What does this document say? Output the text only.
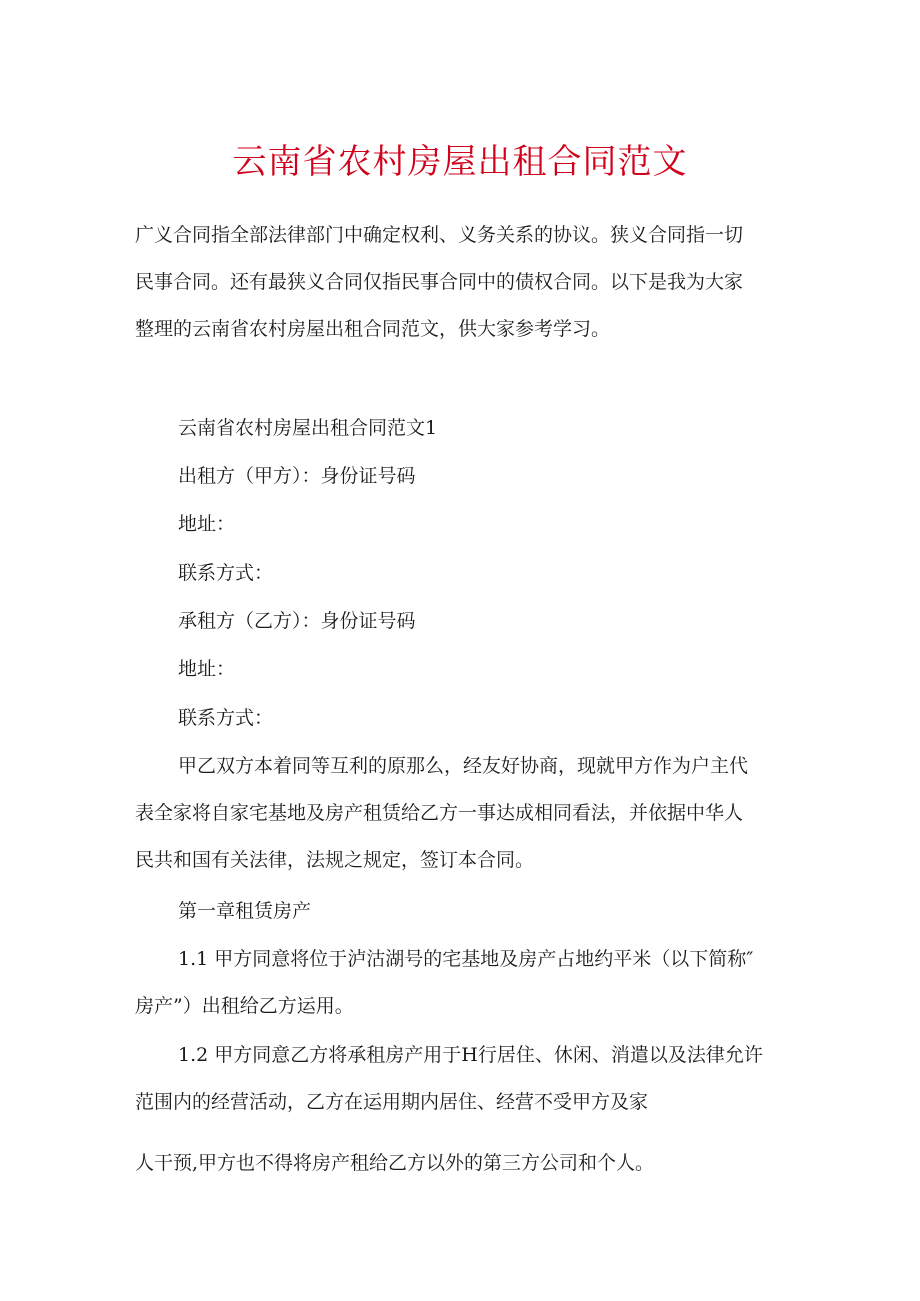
云南省农村房屋出租合同范文
广义合同指全部法律部门中确定权利、义务关系的协议。狭义合同指一切
民事合同。还有最狭义合同仅指民事合同中的债权合同。以下是我为大家
整理的云南省农村房屋出租合同范文，供大家参考学习。
云南省农村房屋出租合同范文1
出租方（甲方）：身份证号码
地址：
联系方式：
承租方（乙方）：身份证号码
地址：
联系方式：
甲乙双方本着同等互利的原那么，经友好协商，现就甲方作为户主代
表全家将自家宅基地及房产租赁给乙方一事达成相同看法，并依据中华人
民共和国有关法律，法规之规定，签订本合同。
第一章租赁房产
1.1 甲方同意将位于泸沽湖号的宅基地及房产占地约平米（以下简称″
房产”）出租给乙方运用。
1.2 甲方同意乙方将承租房产用于H行居住、休闲、消遣以及法律允许
范围内的经营活动，乙方在运用期内居住、经营不受甲方及家
人干预,甲方也不得将房产租给乙方以外的第三方公司和个人。
